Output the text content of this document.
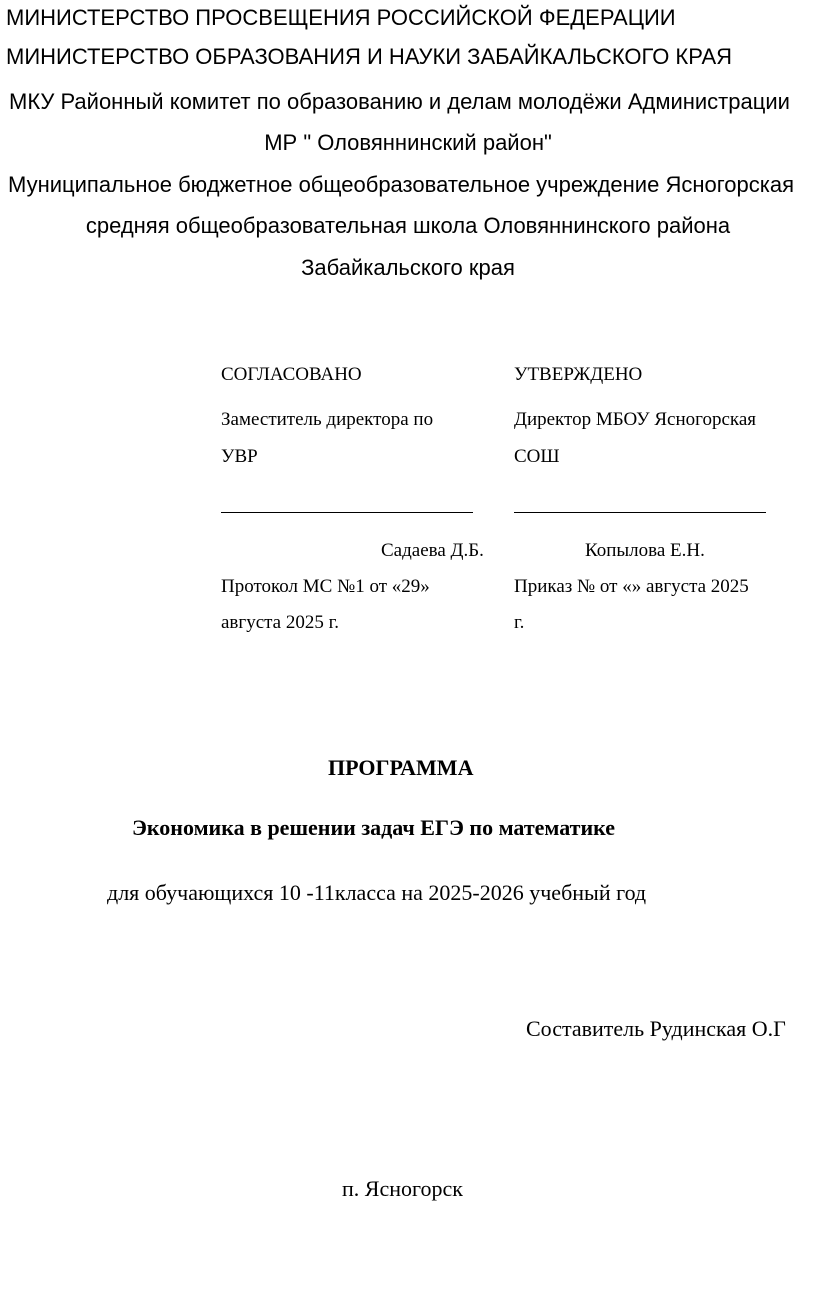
МИНИСТЕРСТВО ПРОСВЕЩЕНИЯ РОССИЙСКОЙ ФЕДЕРАЦИИ
МИНИСТЕРСТВО ОБРАЗОВАНИЯ И НАУКИ ЗАБАЙКАЛЬСКОГО КРАЯ
МКУ Районный комитет по образованию и делам молодёжи Администрации
МР " Оловяннинский район"
Муниципальное бюджетное общеобразовательное учреждение Ясногорская
средняя общеобразовательная школа Оловяннинского района
Забайкальского края
СОГЛАСОВАНО
Заместитель директора по
УВР
Садаева Д.Б.
Протокол МС №1 от «29»
августа 2025 г.
УТВЕРЖДЕНО
Директор МБОУ Ясногорская
СОШ
Копылова Е.Н.
Приказ № от «» августа 2025
г.
ПРОГРАММА
Экономика в решении задач ЕГЭ по математике
для обучающихся 10 -11класса на 2025-2026 учебный год
Составитель Рудинская О.Г
п. Ясногорск
